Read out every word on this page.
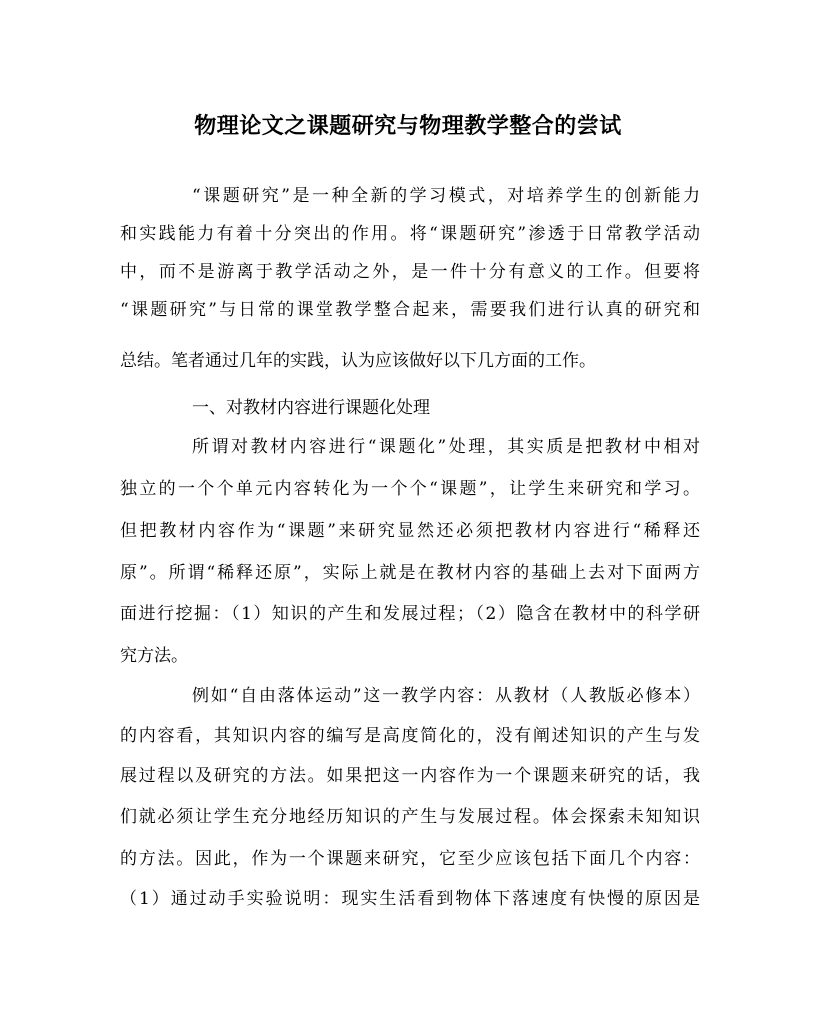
物理论文之课题研究与物理教学整合的尝试
“课题研究”是一种全新的学习模式，对培养学生的创新能力
和实践能力有着十分突出的作用。将“课题研究”渗透于日常教学活动
中，而不是游离于教学活动之外，是一件十分有意义的工作。但要将
“课题研究”与日常的课堂教学整合起来，需要我们进行认真的研究和
总结。笔者通过几年的实践，认为应该做好以下几方面的工作。
一、对教材内容进行课题化处理
所谓对教材内容进行“课题化”处理，其实质是把教材中相对
独立的一个个单元内容转化为一个个“课题”，让学生来研究和学习。
但把教材内容作为“课题”来研究显然还必须把教材内容进行“稀释还
原”。所谓“稀释还原”，实际上就是在教材内容的基础上去对下面两方
面进行挖掘：（1）知识的产生和发展过程；（2）隐含在教材中的科学研
究方法。
例如“自由落体运动”这一教学内容：从教材（人教版必修本）
的内容看，其知识内容的编写是高度简化的，没有阐述知识的产生与发
展过程以及研究的方法。如果把这一内容作为一个课题来研究的话，我
们就必须让学生充分地经历知识的产生与发展过程。体会探索未知知识
的方法。因此，作为一个课题来研究，它至少应该包括下面几个内容：
（1）通过动手实验说明：现实生活看到物体下落速度有快慢的原因是
